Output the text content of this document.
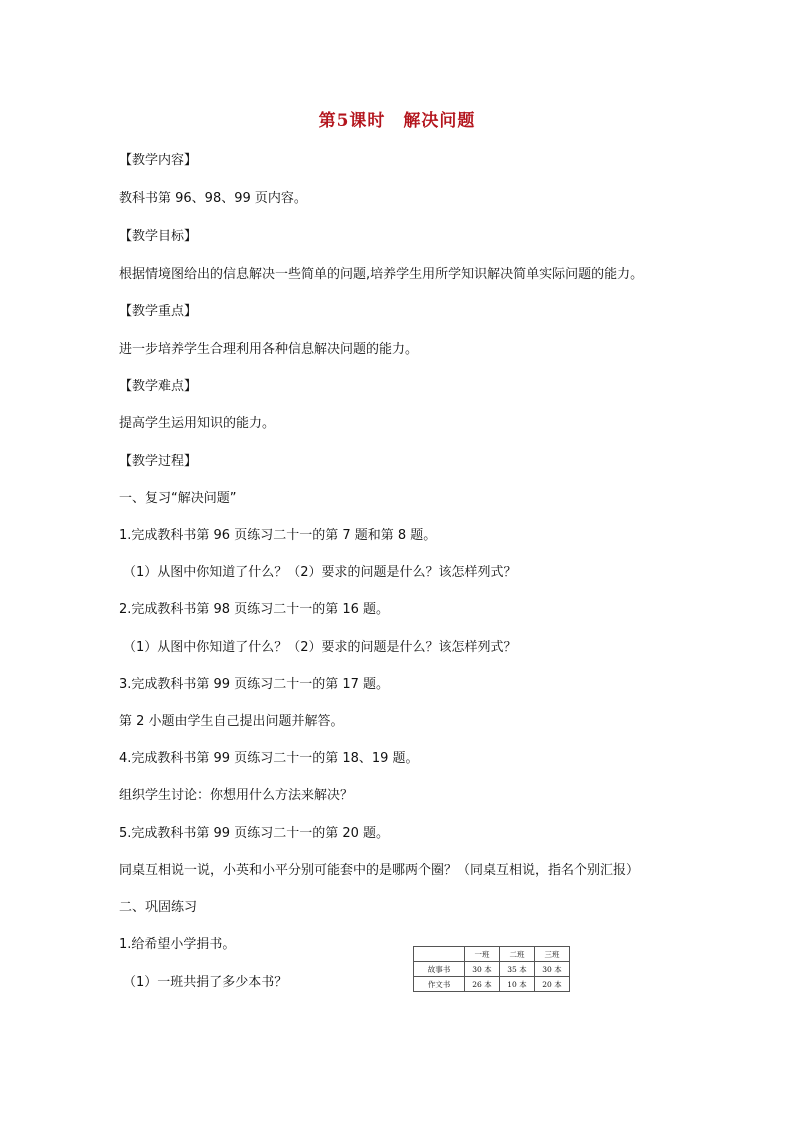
第5课时　解决问题
【教学内容】
教科书第 96、98、99 页内容。
【教学目标】
根据情境图给出的信息解决一些简单的问题,培养学生用所学知识解决简单实际问题的能力。
【教学重点】
进一步培养学生合理利用各种信息解决问题的能力。
【教学难点】
提高学生运用知识的能力。
【教学过程】
一、复习“解决问题”
1.完成教科书第 96 页练习二十一的第 7 题和第 8 题。
（1）从图中你知道了什么？（2）要求的问题是什么？该怎样列式？
2.完成教科书第 98 页练习二十一的第 16 题。
（1）从图中你知道了什么？（2）要求的问题是什么？该怎样列式？
3.完成教科书第 99 页练习二十一的第 17 题。
第 2 小题由学生自己提出问题并解答。
4.完成教科书第 99 页练习二十一的第 18、19 题。
组织学生讨论：你想用什么方法来解决？
5.完成教科书第 99 页练习二十一的第 20 题。
同桌互相说一说，小英和小平分别可能套中的是哪两个圈？（同桌互相说，指名个别汇报）
二、巩固练习
1.给希望小学捐书。
（1）一班共捐了多少本书？
	一班	二班	三班
故事书	30 本	35 本	30 本
作文书	26 本	10 本	20 本
